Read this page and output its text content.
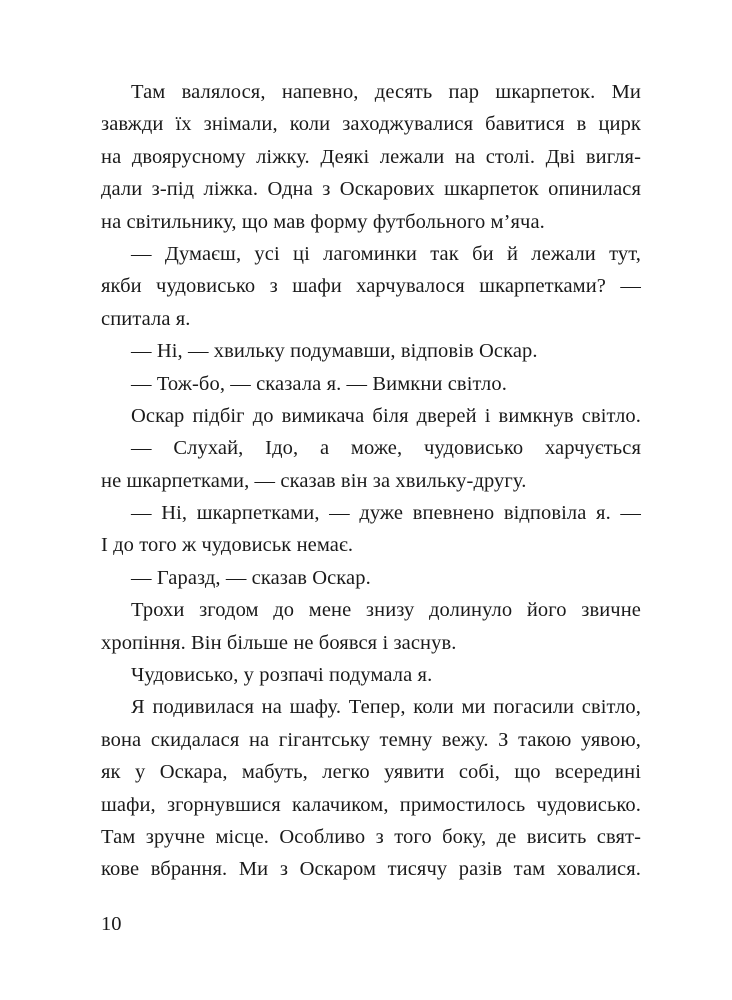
Там валялося, напевно, десять пар шкарпеток. Ми
завжди їх знімали, коли заходжувалися бавитися в цирк
на двоярусному ліжку. Деякі лежали на столі. Дві вигля-
дали з-під ліжка. Одна з Оскарових шкарпеток опинилася
на світильнику, що мав форму футбольного м’яча.
— Думаєш, усі ці лагоминки так би й лежали тут,
якби чудовисько з шафи харчувалося шкарпетками? —
спитала я.
— Ні, — хвильку подумавши, відповів Оскар.
— Тож-бо, — сказала я. — Вимкни світло.
Оскар підбіг до вимикача біля дверей і вимкнув світло.
— Слухай, Ідо, а може, чудовисько харчується
не шкарпетками, — сказав він за хвильку-другу.
— Ні, шкарпетками, — дуже впевнено відповіла я. —
І до того ж чудовиськ немає.
— Гаразд, — сказав Оскар.
Трохи згодом до мене знизу долинуло його звичне
хропіння. Він більше не боявся і заснув.
Чудовисько, у розпачі подумала я.
Я подивилася на шафу. Тепер, коли ми погасили світло,
вона скидалася на гігантську темну вежу. З такою уявою,
як у Оскара, мабуть, легко уявити собі, що всередині
шафи, згорнувшися калачиком, примостилось чудовисько.
Там зручне місце. Особливо з того боку, де висить свят-
кове вбрання. Ми з Оскаром тисячу разів там ховалися.
10
